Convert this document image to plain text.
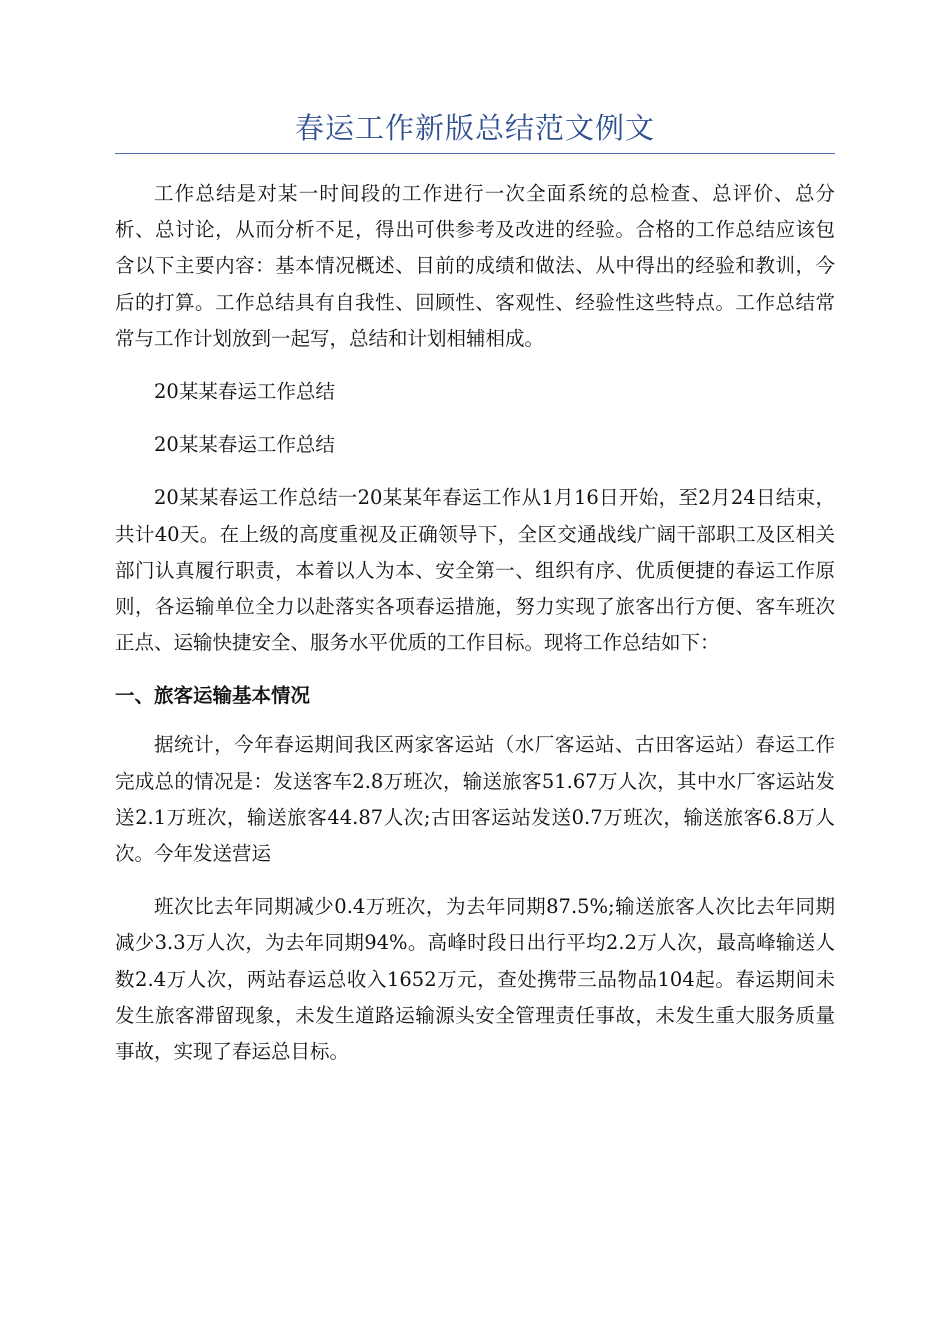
春运工作新版总结范文例文

工作总结是对某一时间段的工作进行一次全面系统的总检查、总评价、总分析、总讨论，从而分析不足，得出可供参考及改进的经验。合格的工作总结应该包含以下主要内容：基本情况概述、目前的成绩和做法、从中得出的经验和教训，今后的打算。工作总结具有自我性、回顾性、客观性、经验性这些特点。工作总结常常与工作计划放到一起写，总结和计划相辅相成。

20某某春运工作总结

20某某春运工作总结

20某某春运工作总结一20某某年春运工作从1月16日开始，至2月24日结束，共计40天。在上级的高度重视及正确领导下，全区交通战线广阔干部职工及区相关部门认真履行职责，本着以人为本、安全第一、组织有序、优质便捷的春运工作原则，各运输单位全力以赴落实各项春运措施，努力实现了旅客出行方便、客车班次正点、运输快捷安全、服务水平优质的工作目标。现将工作总结如下：

一、旅客运输基本情况

据统计，今年春运期间我区两家客运站（水厂客运站、古田客运站）春运工作完成总的情况是：发送客车2.8万班次，输送旅客51.67万人次，其中水厂客运站发送2.1万班次，输送旅客44.87人次;古田客运站发送0.7万班次，输送旅客6.8万人次。今年发送营运

班次比去年同期减少0.4万班次，为去年同期87.5%;输送旅客人次比去年同期减少3.3万人次，为去年同期94%。高峰时段日出行平均2.2万人次，最高峰输送人数2.4万人次，两站春运总收入1652万元，查处携带三品物品104起。春运期间未发生旅客滞留现象，未发生道路运输源头安全管理责任事故，未发生重大服务质量事故，实现了春运总目标。
